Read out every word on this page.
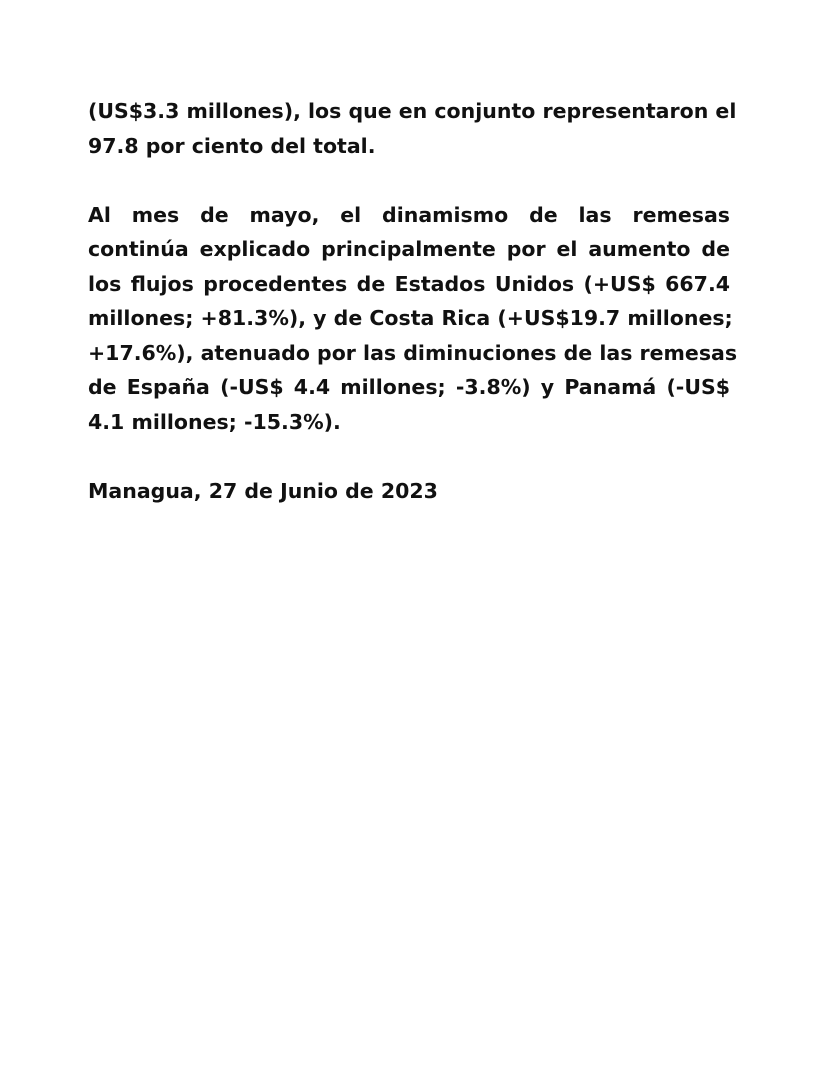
(US$3.3 millones), los que en conjunto representaron el
97.8 por ciento del total.

Al mes de mayo, el dinamismo de las remesas
continúa explicado principalmente por el aumento de
los flujos procedentes de Estados Unidos (+US$ 667.4
millones; +81.3%), y de Costa Rica (+US$19.7 millones;
+17.6%), atenuado por las diminuciones de las remesas
de España (-US$ 4.4 millones; -3.8%) y Panamá (-US$
4.1 millones; -15.3%).

Managua, 27 de Junio de 2023
